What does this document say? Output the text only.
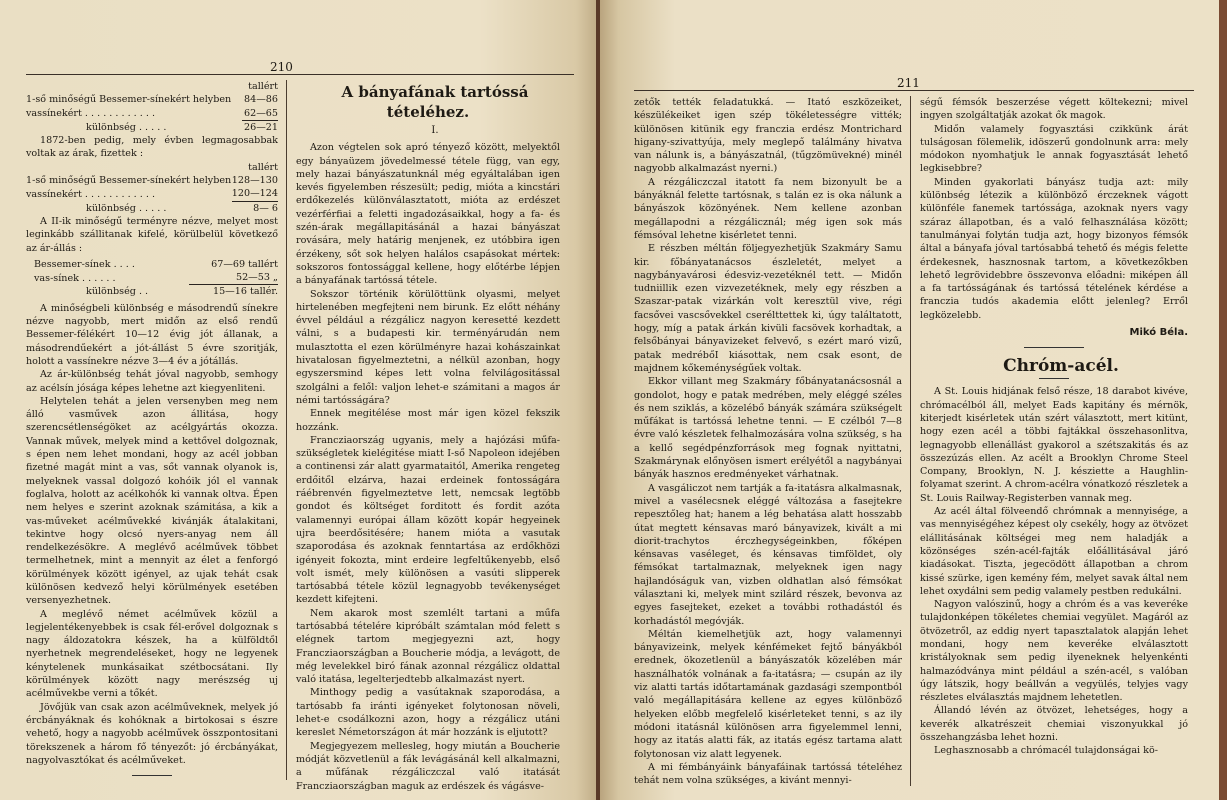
210

tallért

1-ső minőségű Bessemer-sínekért helyben	84—86
vassínekért . . . . . . . . . . . .	62—65
különbség . . . . .	26—21

1872-ben pedig, mely évben legmagosabbak voltak az árak, fizettek :

tallért

1-ső minőségű Bessemer-sínekért helyben	128—130
vassínekért . . . . . . . . . . . .	120—124
különbség . . . . .	8— 6

A II-ik minőségű terményre nézve, melyet most leginkább szállitanak kifelé, körülbelül következő az ár-állás :

Bessemer-sínek . . . .	67—69 tallért
vas-sínek . . . . . .	52—53 „
különbség . .	15—16 tallér.

A minőségbeli különbség e másodrendű sínekre nézve nagyobb, mert midőn az első rendű Bessemer-félékért 10—12 évig jót állanak, a másodrendűekért a jót-állást 5 évre szoritják, holott a vassínekre nézve 3—4 év a jótállás.

Az ár-különbség tehát jóval nagyobb, semhogy az acélsín jósága képes lehetne azt kiegyenliteni.

Helytelen tehát a jelen versenyben meg nem álló vasművek azon állitása, hogy szerencsétlenségöket az acélgyártás okozza. Vannak művek, melyek mind a kettővel dolgoznak, s épen nem lehet mondani, hogy az acél jobban fizetné magát mint a vas, sőt vannak olyanok is, melyeknek vassal dolgozó kohóik jól el vannak foglalva, holott az acélkohók ki vannak oltva. Épen nem helyes e szerint azoknak számitása, a kik a vas-műveket acélművekké kivánják átalakitani, tekintve hogy olcsó nyers-anyag nem áll rendelkezésökre. A meglévő acélművek többet termelhetnek, mint a mennyit az élet a fenforgó körülmények között igényel, az ujak tehát csak különösen kedvező helyi körülmények esetében versenyezhetnek.

A meglévő német acélművek közül a legjelentékenyebbek is csak fél-erővel dolgoznak s nagy áldozatokra készek, ha a külföldtől nyerhetnek megrendeléseket, hogy ne legyenek kénytelenek munkásaikat szétbocsátani. Ily körülmények között nagy merészség uj acélművekbe verni a tőkét.

Jövőjük van csak azon acélműveknek, melyek jó ércbányáknak és kohóknak a birtokosai s észre vehető, hogy a nagyobb acélművek összpontositani törekszenek a három fő tényezőt: jó ércbányákat, nagyolvasztókat és acélműveket.

A bányafának tartóssá tételéhez.

I.

Azon végtelen sok apró tényező között, melyektől egy bányaüzem jövedelmessé tétele függ, van egy, mely hazai bányászatunknál még egyáltalában igen kevés figyelemben részesült; pedig, mióta a kincstári erdőkezelés különválasztatott, mióta az erdészet vezérférfiai a feletti ingadozásaikkal, hogy a fa- és szén-árak megállapitásánál a hazai bányászat rovására, mely határig menjenek, ez utóbbira igen érzékeny, sőt sok helyen halálos csapásokat mértek: sokszoros fontossággal kellene, hogy előtérbe lépjen a bányafának tartóssá tétele.

Sokszor történik körülöttünk olyasmi, melyet hirtelenében megfejteni nem birunk. Ez előtt néhány évvel például a rézgálicz nagyon keresetté kezdett válni, s a budapesti kir. terményárudán nem mulasztotta el ezen körülményre hazai kohászainkat hivatalosan figyelmeztetni, a nélkül azonban, hogy egyszersmind képes lett volna felvilágositással szolgálni a felől: valjon lehet-e számitani a magos ár némi tartósságára?

Ennek megitélése most már igen közel fekszik hozzánk.

Francziaország ugyanis, mely a hajózási műfa-szükségletek kielégitése miatt I-ső Napoleon idejében a continensi zár alatt gyarmataitól, Amerika rengeteg erdőitől elzárva, hazai erdeinek fontosságára ráébrenvén figyelmeztetve lett, nemcsak legtöbb gondot és költséget forditott és fordit azóta valamennyi európai állam között kopár hegyeinek ujra beerdősitésére; hanem mióta a vasutak szaporodása és azoknak fenntartása az erdőkhözi igényeit fokozta, mint erdeire legfeltűkenyebb, első volt ismét, mely különösen a vasúti slipperek tartósabbá tétele közül legnagyobb tevékenységet kezdett kifejteni.

Nem akarok most szemlélt tartani a műfa tartósabbá tételére kipróbált számtalan mód felett s elégnek tartom megjegyezni azt, hogy Francziaországban a Boucherie módja, a levágott, de még levelekkel biró fának azonnal rézgálicz oldattal való itatása, legelterjedtebb alkalmazást nyert.

Minthogy pedig a vasútaknak szaporodása, a tartósabb fa iránti igényeket folytonosan növeli, lehet-e csodálkozni azon, hogy a rézgálicz utáni kereslet Németországon át már hozzánk is eljutott?

Megjegyezem mellesleg, hogy miután a Boucherie módját közvetlenül a fák levágásánál kell alkalmazni, a műfának rézgáliczczal való itatását Francziaországban maguk az erdészek és vágásve-

211

zetők tették feladatukká. — Itató eszközeiket, készülékeiket igen szép tökéletességre vitték; különösen kitünik egy franczia erdész Montrichard higany-szivattyúja, mely meglepő találmány hivatva van nálunk is, a bányászatnál, (tűgzömüvekné) minél nagyobb alkalmazást nyerni.)

A rézgáliczczal itatott fa nem bizonyult be a bányáknál felette tartósnak, s talán ez is oka nálunk a bányászok közönyének. Nem kellene azonban megállapodni a rézgálicznál; még igen sok más fémsóval lehetne kisérletet tenni.

E részben méltán följegyezhetjük Szakmáry Samu kir. főbányatanácsos észleletét, melyet a nagybányavárosi édesviz-vezetéknél tett. — Midőn tudniillik ezen vizvezetéknek, mely egy részben a Szaszar-patak vizárkán volt keresztül vive, régi facsővei vascsővekkel cserélttettek ki, úgy találtatott, hogy, míg a patak árkán kivüli facsövek korhadtak, a felsőbányai bányavizeket felvevő, s ezért maró vizű, patak medrébőI kiásottak, nem csak esont, de majdnem kőkeménységűek voltak.

Ekkor villant meg Szakmáry főbányatanácsosnál a gondolot, hogy e patak medrében, mely eléggé széles és nem sziklás, a közelébő bányák számára szükségelt műfákat is tartóssá lehetne tenni. — E czélból 7—8 évre való készletek felhalmozására volna szükség, s ha a kellő segédpénzforrások meg fognak nyittatni, Szakmárynak előnyösen ismert erélyétől a nagybányai bányák hasznos eredményeket várhatnak.

A vasgáliczot nem tartják a fa-itatásra alkalmasnak, mivel a vasélecsnek eléggé változása a fasejtekre repesztőleg hat; hanem a lég behatása alatt hosszabb útat megtett kénsavas maró bányavizek, kivált a mi diorit-trachytos érczhegységeinkben, főképen kénsavas vaséleget, és kénsavas timföldet, oly fémsókat tartalmaznak, melyeknek igen nagy hajlandóságuk van, vizben oldhatlan alsó fémsókat választani ki, melyek mint szilárd részek, bevonva az egyes fasejteket, ezeket a további rothadástól és korhadástól megóvják.

Méltán kiemelhetjük azt, hogy valamennyi bányavizeink, melyek kénfémeket fejtő bányákból erednek, ökozetlenül a bányászatók közelében már használhatók volnának a fa-itatásra; — csupán az ily viz alatti tartás időtartamának gazdasági szempontból való megállapitására kellene az egyes különböző helyeken előbb megfelelő kisérleteket tenni, s az ily módoni itatásnál különösen arra figyelemmel lenni, hogy az itatás alatti fák, az itatás egész tartama alatt folytonosan viz alatt legyenek.

A mi fémbányáink bányafáinak tartóssá tételéhez tehát nem volna szükséges, a kivánt mennyi-

ségű fémsók beszerzése végett költekezni; mivel ingyen szolgáltatják azokat ők magok.

Midőn valamely fogyasztási czikkünk árát tulságosan fölemelik, idöszerű gondolnunk arra: mely módokon nyomhatjuk le annak fogyasztását lehető legkisebbre?

Minden gyakorlati bányász tudja azt: mily különbség létezik a különböző érczeknek vágott különféle fanemek tartóssága, azoknak nyers vagy száraz állapotban, és a való felhasználása között; tanulmányai folytán tudja azt, hogy bizonyos fémsók által a bányafa jóval tartósabbá tehető és mégis felette érdekesnek, hasznosnak tartom, a következőkben lehető legrövidebbre összevonva előadni: miképen áll a fa tartósságának és tartóssá tételének kérdése a franczia tudós akademia előtt jelenleg? Erről legközelebb.

Mikó Béla.

Chróm-acél.

A St. Louis hidjának felső része, 18 darabot kivéve, chrómacélból áll, melyet Eads kapitány és mérnök, kiterjedt kisérletek után szért választott, mert kitünt, hogy ezen acél a többi fajtákkal összehasonlitva, legnagyobb ellenállást gyakorol a szétszakitás és az összezúzás ellen. Az acélt a Brooklyn Chrome Steel Company, Brooklyn, N. J. késziette a Haughlin-folyamat szerint. A chrom-acélra vónatkozó részletek a St. Louis Railway-Registerben vannak meg.

Az acél által fölveendő chrómnak a mennyisége, a vas mennyiségéhez képest oly csekély, hogy az ötvözet elállitásának költségei meg nem haladják a közönséges szén-acél-fajták előállitásával járó kiadásokat. Tiszta, jegecödött állapotban a chrom kissé szürke, igen kemény fém, melyet savak által nem lehet oxydálni sem pedig valamely pestben redukálni.

Nagyon valószinű, hogy a chróm és a vas keveréke tulajdonképen tökéletes chemiai vegyület. Magáról az ötvözetről, az eddig nyert tapasztalatok alapján lehet mondani, hogy nem keveréke elválasztott kristályoknak sem pedig ilyeneknek helyenkénti halmazódványa mint például a szén-acél, s valóban úgy látszik, hogy beállván a vegyülés, telyjes vagy részletes elválasztás majdnem lehetetlen.

Állandó lévén az ötvözet, lehetséges, hogy a keverék alkatrészeit chemiai viszonyukkal jó összehangzásba lehet hozni.

Leghasznosabb a chrómacél tulajdonságai kö-
